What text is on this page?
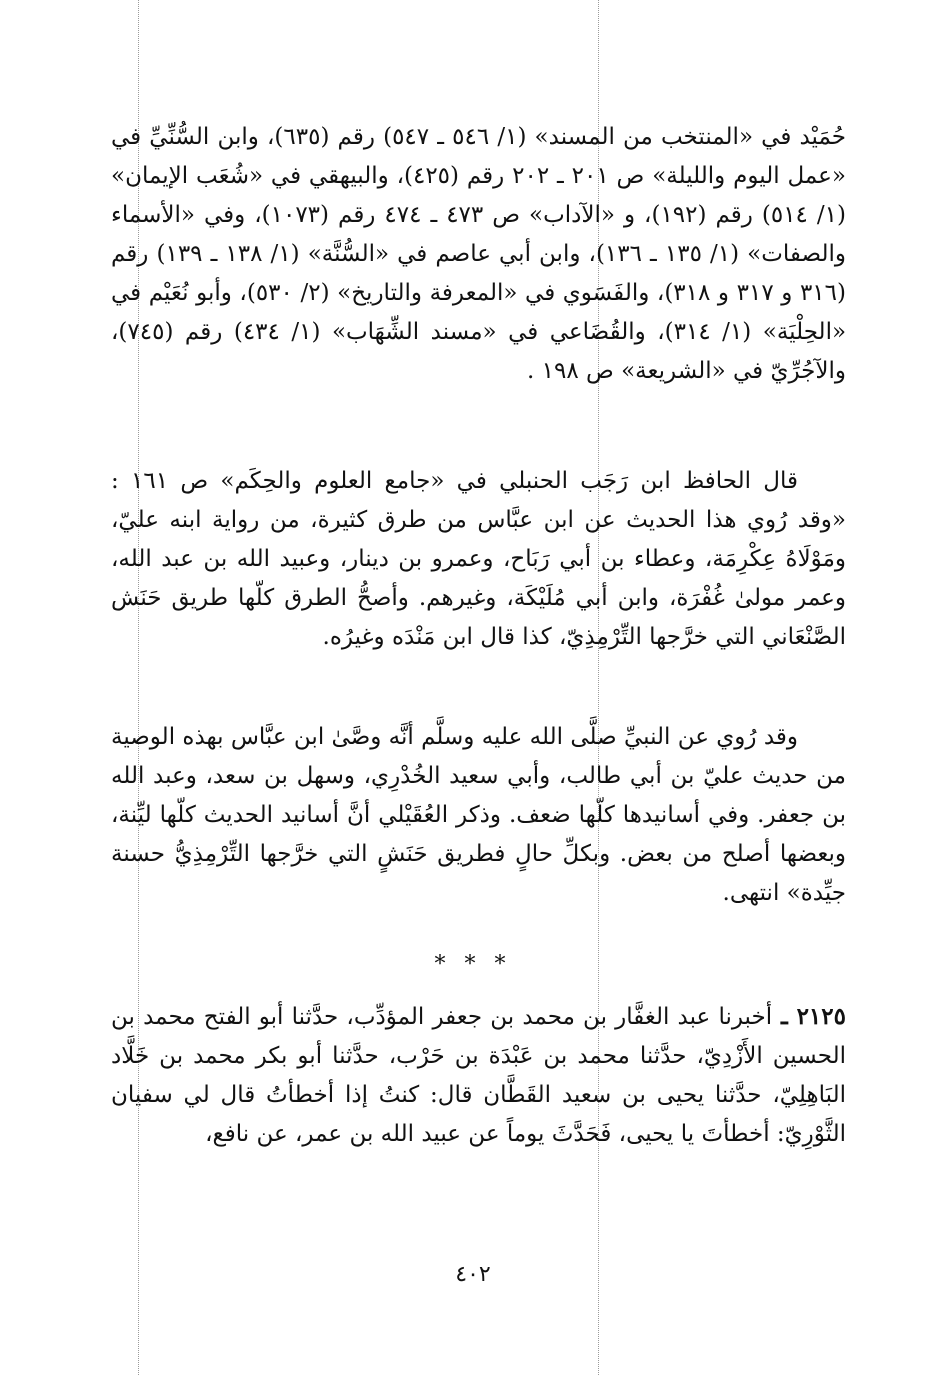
حُمَيْد في «المنتخب من المسند» (١/ ٥٤٦ ـ ٥٤٧) رقم (٦٣٥)، وابن السُّنِّيِّ في «عمل اليوم والليلة» ص ٢٠١ ـ ٢٠٢ رقم (٤٢٥)، والبيهقي في «شُعَب الإيمان» (١/ ٥١٤) رقم (١٩٢)، و «الآداب» ص ٤٧٣ ـ ٤٧٤ رقم (١٠٧٣)، وفي «الأسماء والصفات» (١/ ١٣٥ ـ ١٣٦)، وابن أبي عاصم في «السُّنَّة» (١/ ١٣٨ ـ ١٣٩) رقم (٣١٦ و ٣١٧ و ٣١٨)، والفَسَوي في «المعرفة والتاريخ» (٢/ ٥٣٠)، وأبو نُعَيْم في «الحِلْيَة» (١/ ٣١٤)، والقُضَاعي في «مسند الشِّهَاب» (١/ ٤٣٤) رقم (٧٤٥)، والآجُرِّيّ في «الشريعة» ص ١٩٨ .

قال الحافظ ابن رَجَب الحنبلي في «جامع العلوم والحِكَم» ص ١٦١ : «وقد رُوي هذا الحديث عن ابن عبَّاس من طرق كثيرة، من رواية ابنه عليّ، ومَوْلَاهُ عِكْرِمَة، وعطاء بن أبي رَبَاح، وعمرو بن دينار، وعبيد الله بن عبد الله، وعمر مولىٰ غُفْرَة، وابن أبي مُلَيْكَة، وغيرهم. وأصحُّ الطرق كلّها طريق حَنَش الصَّنْعَاني التي خرَّجها التِّرْمِذِيّ، كذا قال ابن مَنْدَه وغيرُه.

وقد رُوي عن النبيِّ صلَّى الله عليه وسلَّم أنَّه وصَّىٰ ابن عبَّاس بهذه الوصية من حديث عليّ بن أبي طالب، وأبي سعيد الخُدْرِي، وسهل بن سعد، وعبد الله بن جعفر. وفي أسانيدها كلّها ضعف. وذكر العُقَيْلي أنَّ أسانيد الحديث كلّها ليِّنة، وبعضها أصلح من بعض. وبكلِّ حالٍ فطريق حَنَشٍ التي خرَّجها التِّرْمِذِيُّ حسنة جيِّدة» انتهى.

* * *

٢١٢٥ ـ أخبرنا عبد الغفَّار بن محمد بن جعفر المؤدِّب، حدَّثنا أبو الفتح محمد بن الحسين الأَزْدِيّ، حدَّثنا محمد بن عَبْدَة بن حَرْب، حدَّثنا أبو بكر محمد بن خَلَّاد البَاهِلِيّ، حدَّثنا يحيى بن سعيد القَطَّان قال: كنتُ إذا أخطأتُ قال لي سفيان الثَّوْرِيّ: أخطأتَ يا يحيى، فَحَدَّثَ يوماً عن عبيد الله بن عمر، عن نافع،

٤٠٢
